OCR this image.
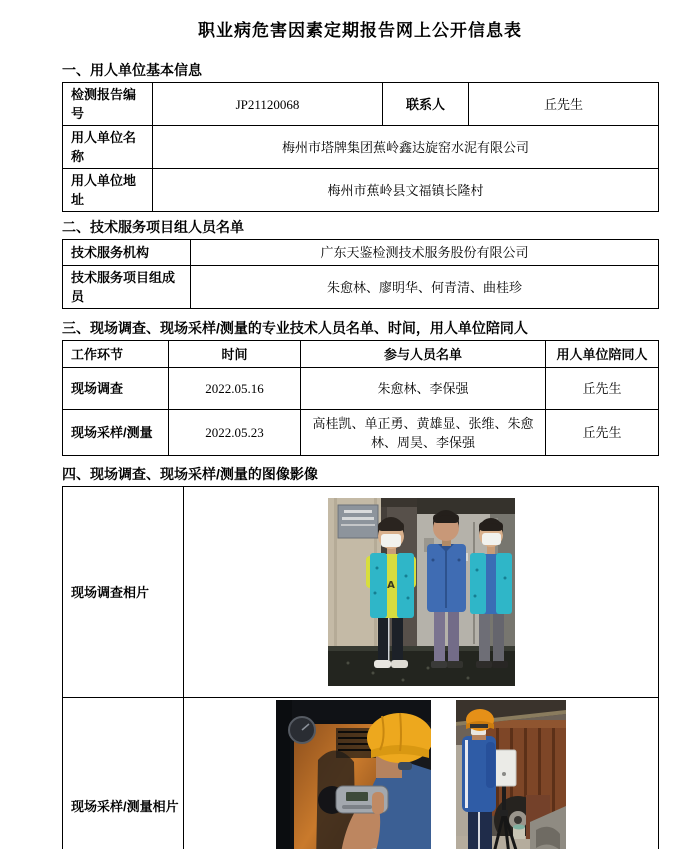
职业病危害因素定期报告网上公开信息表
一、用人单位基本信息
检测报告编号	JP21120068	联系人	丘先生
用人单位名称	梅州市塔牌集团蕉岭鑫达旋窑水泥有限公司		
用人单位地址	梅州市蕉岭县文福镇长隆村		
二、技术服务项目组人员名单
技术服务机构	广东天鉴检测技术服务股份有限公司
技术服务项目组成员	朱愈林、廖明华、何青清、曲桂珍
三、现场调查、现场采样/测量的专业技术人员名单、时间，用人单位陪同人
工作环节	时间	参与人员名单	用人单位陪同人
现场调查	2022.05.16	朱愈林、李保强	丘先生
现场采样/测量	2022.05.23	高桂凯、单正勇、黄雄显、张维、朱愈林、周昊、李保强	丘先生
四、现场调查、现场采样/测量的图像影像
现场调查相片	A

现场采样/测量相片	
